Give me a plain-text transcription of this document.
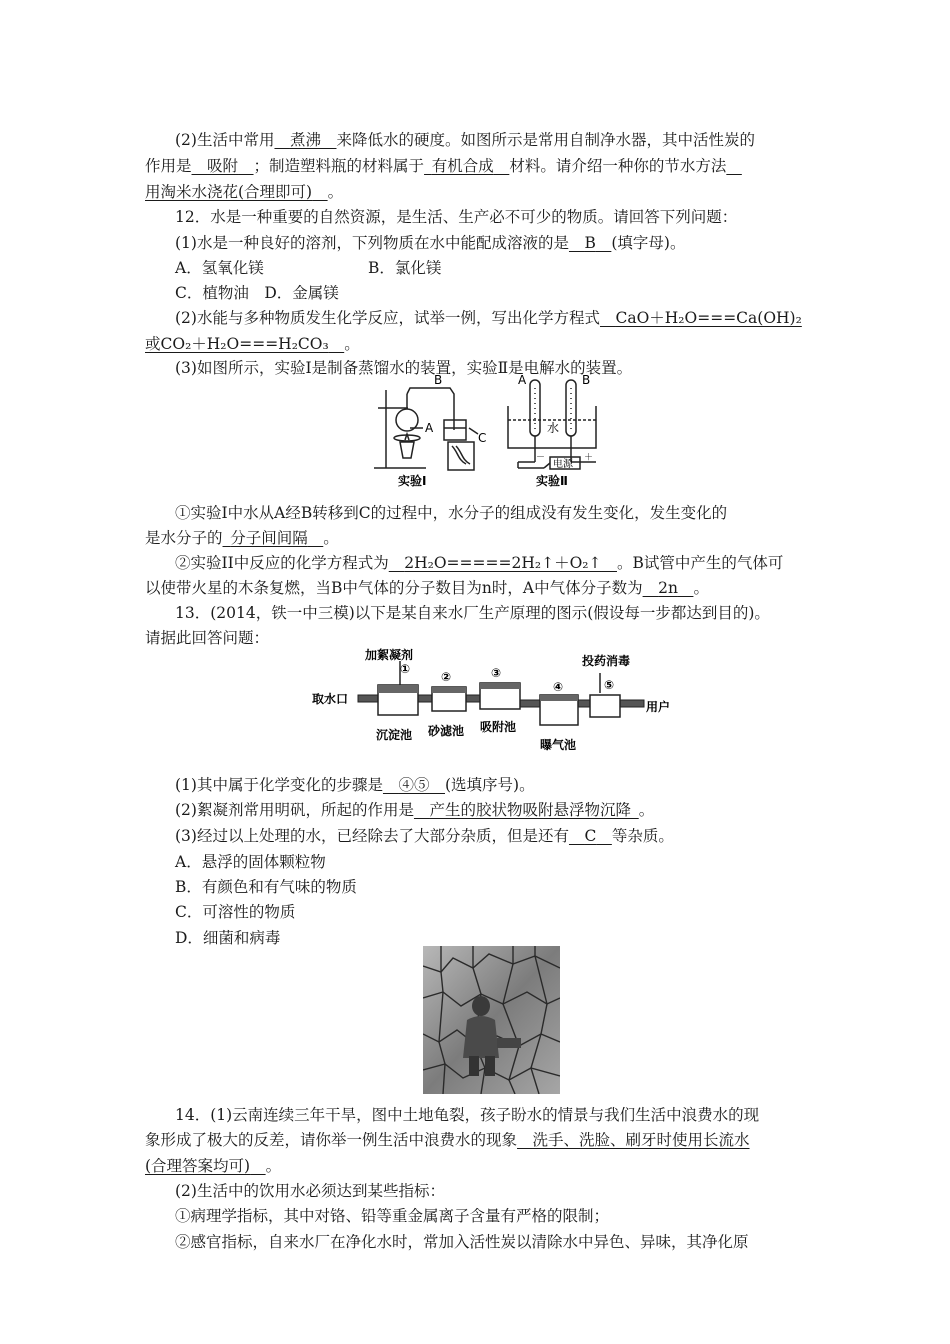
(2)生活中常用   煮沸   来降低水的硬度。如图所示是常用自制净水器，其中活性炭的
作用是   吸附   ；制造塑料瓶的材料属于  有机合成   材料。请介绍一种你的节水方法  
用淘米水浇花(合理即可)   。
12．水是一种重要的自然资源，是生活、生产必不可少的物质。请回答下列问题：
(1)水是一种良好的溶剂，下列物质在水中能配成溶液的是   B   (填字母)。
A．氢氧化镁	B．氯化镁
C．植物油　D．金属镁
(2)水能与多种物质发生化学反应，试举一例，写出化学方程式   CaO＋H₂O===Ca(OH)₂
或CO₂＋H₂O===H₂CO₃   。
(3)如图所示，实验Ⅰ是制备蒸馏水的装置，实验Ⅱ是电解水的装置。
B
A
C
实验Ⅰ
A	B
水
电源
－	＋
实验Ⅱ
①实验Ⅰ中水从A经B转移到C的过程中，水分子的组成没有发生变化，发生变化的
是水分子的  分子间间隔   。
②实验II中反应的化学方程式为   2H₂O=====2H₂↑＋O₂↑   。B试管中产生的气体可
以使带火星的木条复燃，当B中气体的分子数目为n时，A中气体分子数为   2n   。
13．(2014，铁一中三模)以下是某自来水厂生产原理的图示(假设每一步都达到目的)。
请据此回答问题：
取水口
加絮凝剂	投药消毒
用户
①
②	③
④	⑤
沉淀池 砂滤池 吸附池
曝气池
(1)其中属于化学变化的步骤是   ④⑤   (选填序号)。
(2)絮凝剂常用明矾，所起的作用是   产生的胶状物吸附悬浮物沉降  。
(3)经过以上处理的水，已经除去了大部分杂质，但是还有   C   等杂质。
A．悬浮的固体颗粒物
B．有颜色和有气味的物质
C．可溶性的物质
D．细菌和病毒
14．(1)云南连续三年干旱，图中土地龟裂，孩子盼水的情景与我们生活中浪费水的现
象形成了极大的反差，请你举一例生活中浪费水的现象   洗手、洗脸、刷牙时使用长流水
(合理答案均可)   。
(2)生活中的饮用水必须达到某些指标：
①病理学指标，其中对铬、铅等重金属离子含量有严格的限制；
②感官指标，自来水厂在净化水时，常加入活性炭以清除水中异色、异味，其净化原
